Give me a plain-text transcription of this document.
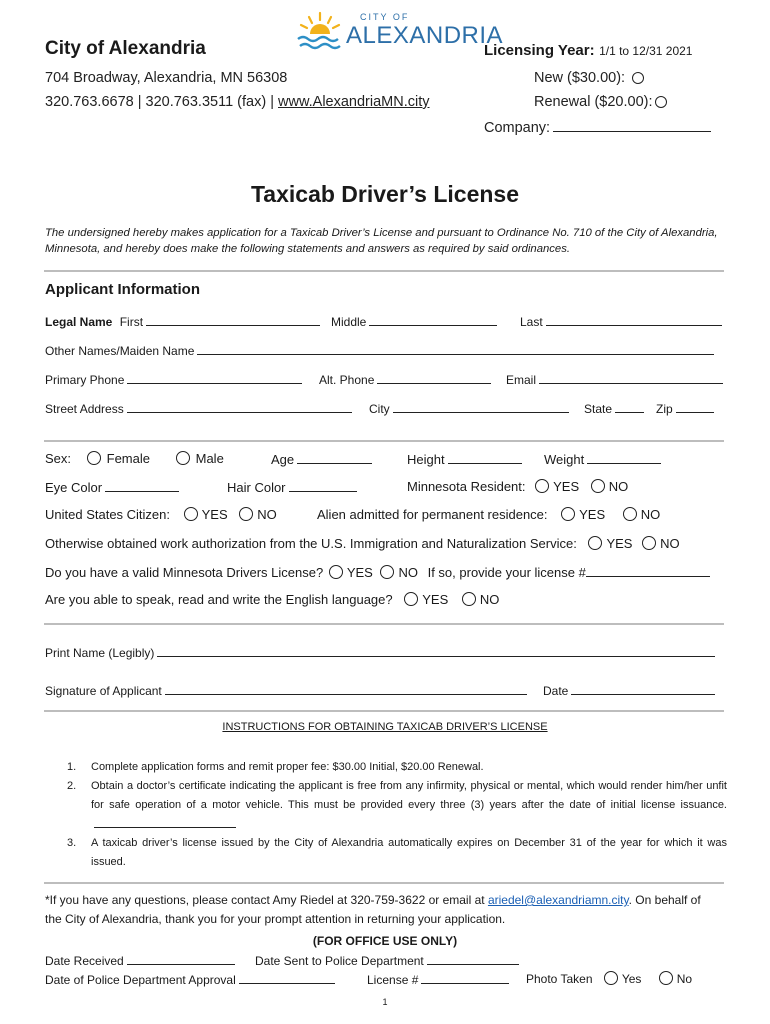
CITY OF
ALEXANDRIA
City of Alexandria
704 Broadway, Alexandria, MN 56308
320.763.6678 | 320.763.3511 (fax) | www.AlexandriaMN.city
Licensing Year: 1/1 to 12/31 2021
New ($30.00):
Renewal ($20.00):
Company:
Taxicab Driver’s License
The undersigned hereby makes application for a Taxicab Driver’s License and pursuant to Ordinance No. 710 of the City of Alexandria, Minnesota, and hereby does make the following statements and answers as required by said ordinances.
Applicant Information
Legal Name First	Middle	Last
Other Names/Maiden Name
Primary Phone	Alt. Phone	Email
Street Address	City	State	Zip
Sex:	Female	Male	Age	Height	Weight
Eye Color	Hair Color	Minnesota Resident: YES NO
United States Citizen: YES NO	Alien admitted for permanent residence: YES	NO
Otherwise obtained work authorization from the U.S. Immigration and Naturalization Service: YES NO
Do you have a valid Minnesota Drivers License? YES NO If so, provide your license #
Are you able to speak, read and write the English language? YES NO
Print Name (Legibly)
Signature of Applicant	Date
INSTRUCTIONS FOR OBTAINING TAXICAB DRIVER’S LICENSE
1. Complete application forms and remit proper fee: $30.00 Initial, $20.00 Renewal.
2. Obtain a doctor’s certificate indicating the applicant is free from any infirmity, physical or mental, which would render him/her unfit for safe operation of a motor vehicle. This must be provided every three (3) years after the date of initial license issuance.
3. A taxicab driver’s license issued by the City of Alexandria automatically expires on December 31 of the year for which it was issued.
*If you have any questions, please contact Amy Riedel at 320-759-3622 or email at ariedel@alexandriamn.city. On behalf of the City of Alexandria, thank you for your prompt attention in returning your application.
(FOR OFFICE USE ONLY)
Date Received	Date Sent to Police Department
Date of Police Department Approval	License #	Photo Taken Yes	No
1
